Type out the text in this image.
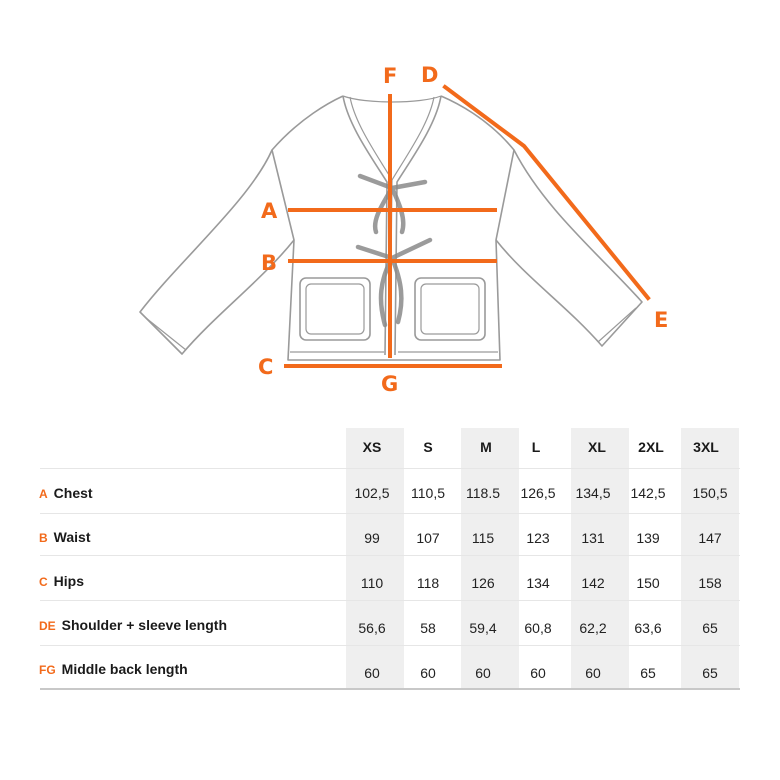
A
B
C
D
E
F
G
XS	S	M	L	XL	2XL	3XL
A Chest	102,5	110,5	118.5	126,5	134,5	142,5	150,5
B Waist	99	107	115	123	131	139	147
C Hips	110	118	126	134	142	150	158
DE Shoulder + sleeve length	56,6	58	59,4	60,8	62,2	63,6	65
FG Middle back length	60	60	60	60	60	65	65
